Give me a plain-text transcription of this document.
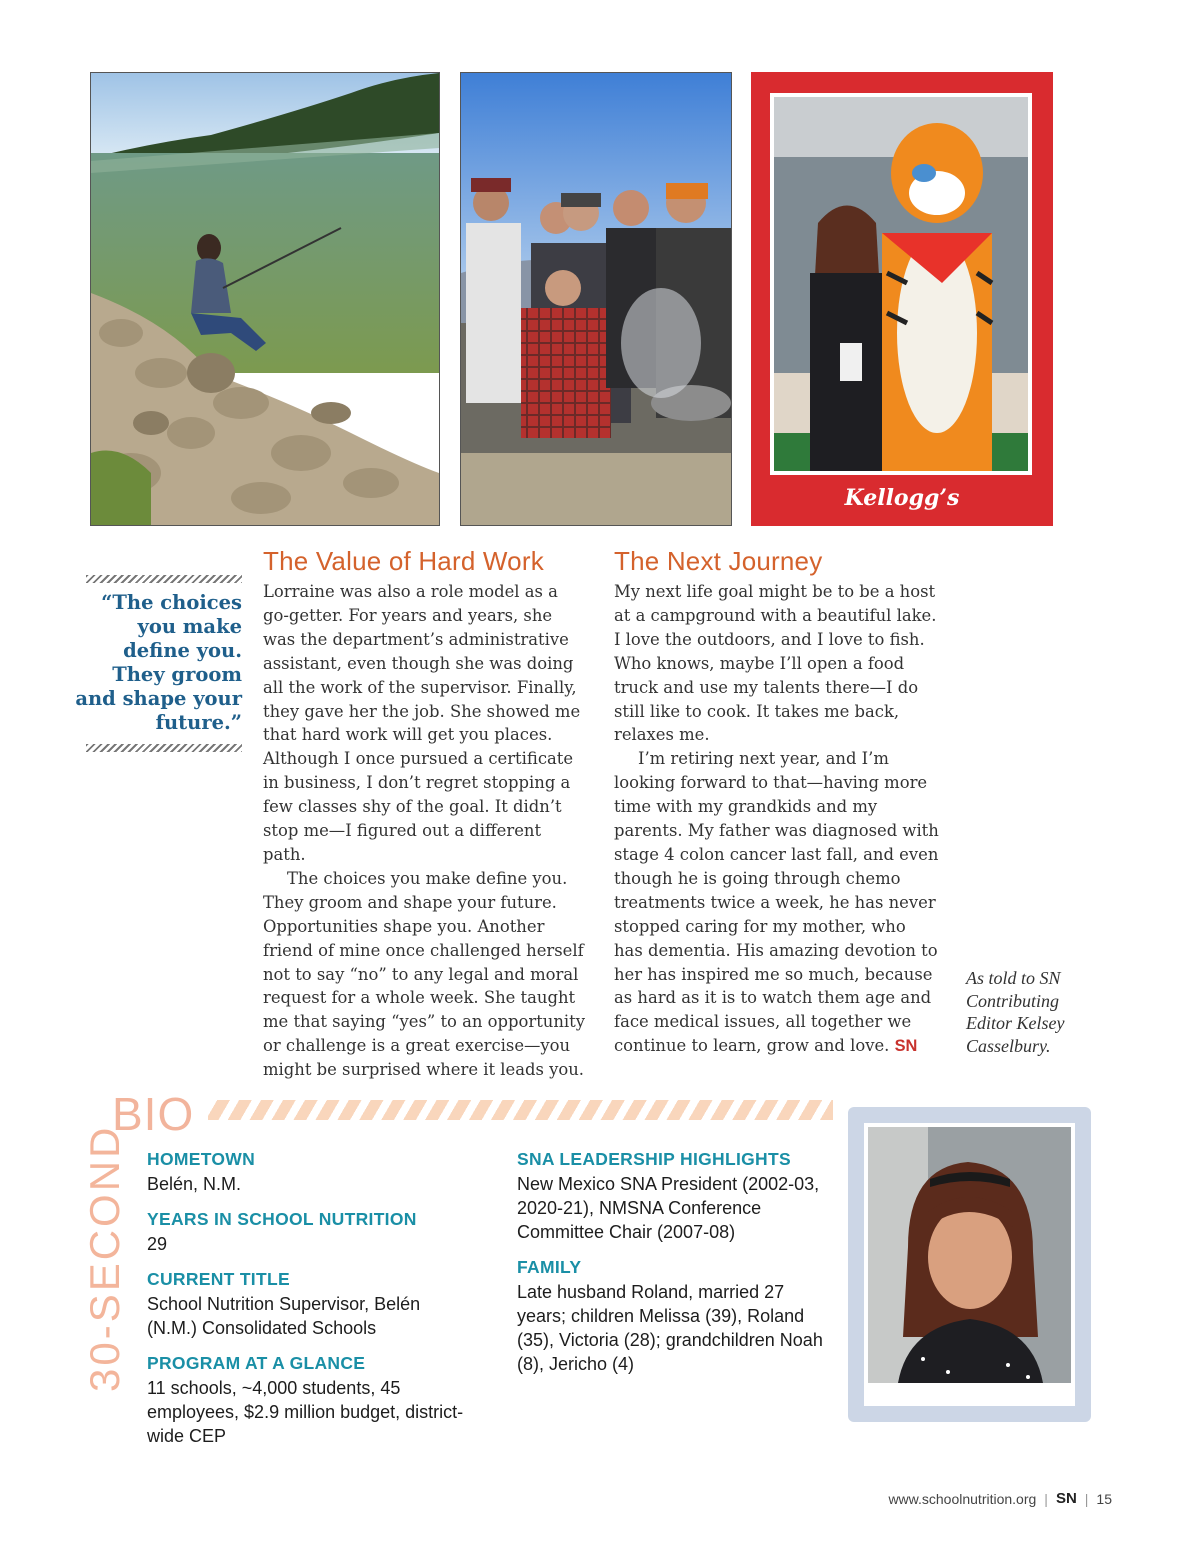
Kellogg’s
“The choices you make define you. They groom and shape your future.”
The Value of Hard Work

Lorraine was also a role model as a go-getter. For years and years, she was the department’s administrative assistant, even though she was doing all the work of the supervisor. Finally, they gave her the job. She showed me that hard work will get you places. Although I once pursued a certificate in business, I don’t regret stopping a few classes shy of the goal. It didn’t stop me—I figured out a different path.

The choices you make define you. They groom and shape your future. Opportunities shape you. Another friend of mine once challenged herself not to say “no” to any legal and moral request for a whole week. She taught me that saying “yes” to an opportunity or challenge is a great exercise—you might be surprised where it leads you.

The Next Journey

My next life goal might be to be a host at a campground with a beautiful lake. I love the outdoors, and I love to fish. Who knows, maybe I’ll open a food truck and use my talents there—I do still like to cook. It takes me back, relaxes me.

I’m retiring next year, and I’m looking forward to that—having more time with my grandkids and my parents. My father was diagnosed with stage 4 colon cancer last fall, and even though he is going through chemo treatments twice a week, he has never stopped caring for my mother, who has dementia. His amazing devotion to her has inspired me so much, because as hard as it is to watch them age and face medical issues, all together we continue to learn, grow and love. SN

As told to SN Contributing Editor Kelsey Casselbury.
BIO
30-SECOND HOMETOWN
Belén, N.M.
YEARS IN SCHOOL NUTRITION
29
CURRENT TITLE
School Nutrition Supervisor, Belén (N.M.) Consolidated Schools
PROGRAM AT A GLANCE
11 schools, ~4,000 students, 45 employees, $2.9 million budget, district-wide CEP
SNA LEADERSHIP HIGHLIGHTS
New Mexico SNA President (2002-03, 2020-21), NMSNA Conference Committee Chair (2007-08)
FAMILY
Late husband Roland, married 27 years; children Melissa (39), Roland (35), Victoria (28); grandchildren Noah (8), Jericho (4)
www.schoolnutrition.org | SN | 15
